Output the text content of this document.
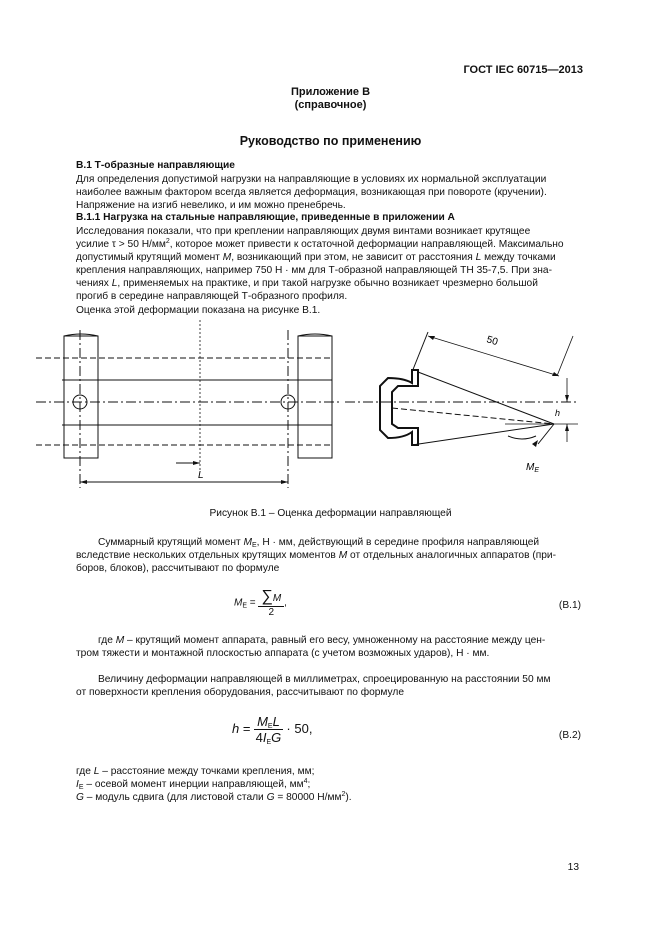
ГОСТ IEC 60715—2013
Приложение В
(справочное)
Руководство по применению
В.1 Т-образные направляющие
Для определения допустимой нагрузки на направляющие в условиях их нормальной эксплуатации
наиболее важным фактором всегда является деформация, возникающая при повороте (кручении).
Напряжение на изгиб невелико, и им можно пренебречь.
В.1.1 Нагрузка на стальные направляющие, приведенные в приложении А
Исследования показали, что при креплении направляющих двумя винтами возникает крутящее
усилие τ > 50 $Н/мм^2$, которое может привести к остаточной деформации направляющей. Максимально
допустимый крутящий момент M, возникающий при этом, не зависит от расстояния L между точками
крепления направляющих, например 750 Н · мм для Т-образной направляющей ТН 35-7,5. При зна-
чениях L, применяемых на практике, и при такой нагрузке обычно возникает чрезмерно большой
прогиб в середине направляющей Т-образного профиля.
Оценка этой деформации показана на рисунке В.1.
L
50
h
$M_E$
Рисунок В.1 – Оценка деформации направляющей
Суммарный крутящий момент $M_E$, Н · мм, действующий в середине профиля направляющей
вследствие нескольких отдельных крутящих моментов M от отдельных аналогичных аппаратов (при-
боров, блоков), рассчитывают по формуле
$M_E = \frac{\sum M}{2}$ ,	(В.1)
где M – крутящий момент аппарата, равный его весу, умноженному на расстояние между цен-
тром тяжести и монтажной плоскостью аппарата (с учетом возможных ударов), Н · мм.
Величину деформации направляющей в миллиметрах, спроецированную на расстоянии 50 мм
от поверхности крепления оборудования, рассчитывают по формуле
$h = \frac{M_EL}{4I_EG} \cdot 50$,	(В.2)
где L – расстояние между точками крепления, мм;
$I_E$ – осевой момент инерции направляющей, $мм^4$;
G – модуль сдвига (для листовой стали G = 80000 $Н/мм^2$).
13
